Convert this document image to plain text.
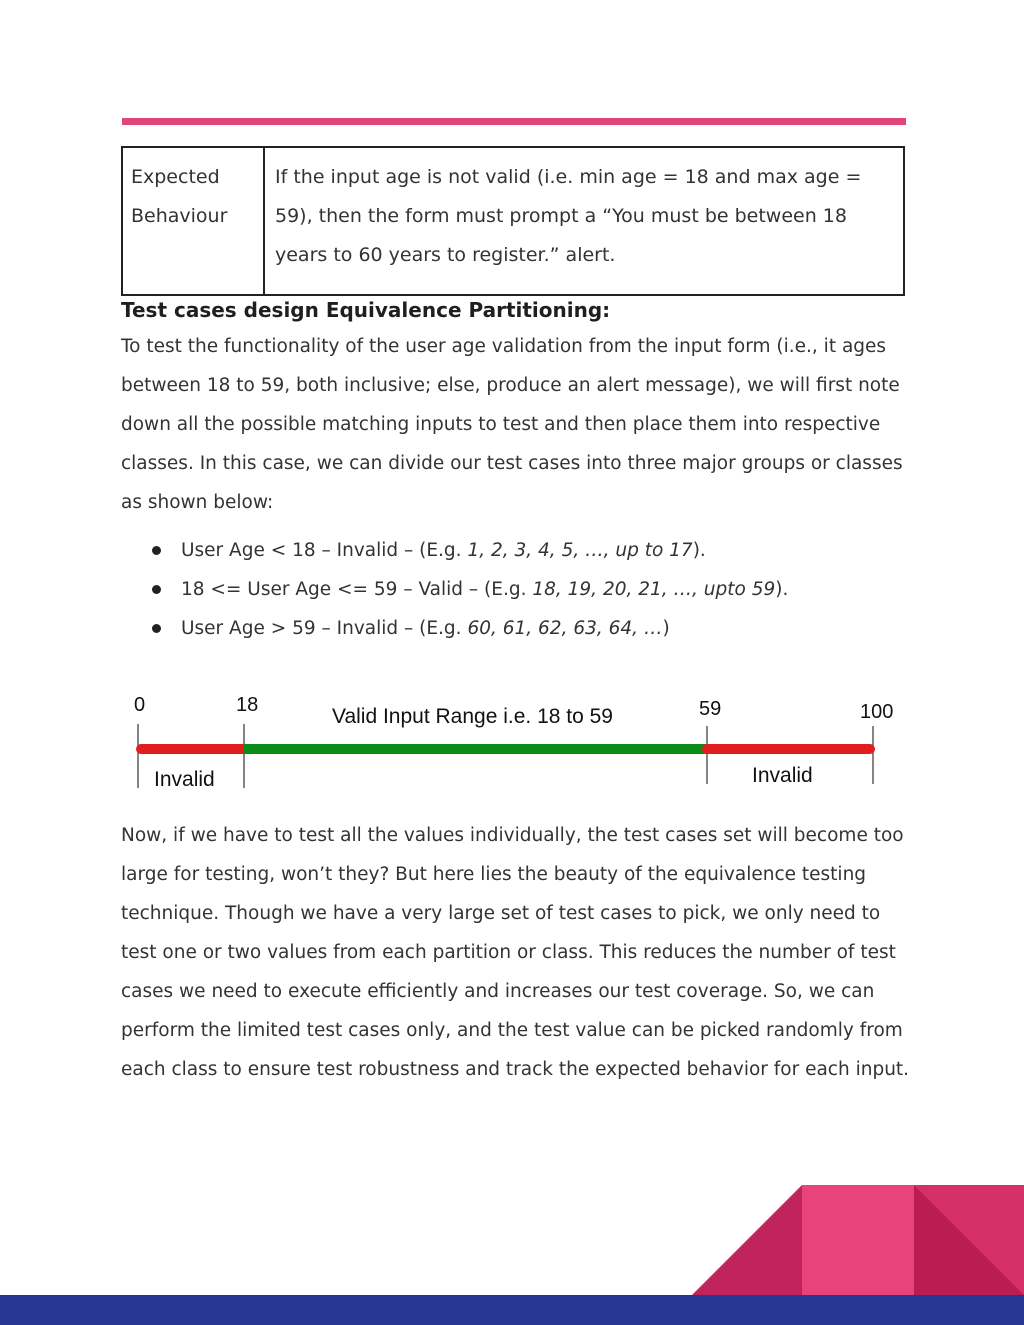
Expected Behaviour
If the input age is not valid (i.e. min age = 18 and max age = 59), then the form must prompt a “You must be between 18 years to 60 years to register.” alert.
Test cases design Equivalence Partitioning:

To test the functionality of the user age validation from the input form (i.e., it ages between 18 to 59, both inclusive; else, produce an alert message), we will first note down all the possible matching inputs to test and then place them into respective classes. In this case, we can divide our test cases into three major groups or classes as shown below:

User Age < 18 – Invalid – (E.g. 1, 2, 3, 4, 5, …, up to 17).
18 <= User Age <= 59 – Valid – (E.g. 18, 19, 20, 21, …, upto 59).
User Age > 59 – Invalid – (E.g. 60, 61, 62, 63, 64, …)
0	18	59	100
Valid Input Range i.e. 18 to 59
Invalid	Invalid

Now, if we have to test all the values individually, the test cases set will become too large for testing, won’t they? But here lies the beauty of the equivalence testing technique. Though we have a very large set of test cases to pick, we only need to test one or two values from each partition or class. This reduces the number of test cases we need to execute efficiently and increases our test coverage. So, we can perform the limited test cases only, and the test value can be picked randomly from each class to ensure test robustness and track the expected behavior for each input.
